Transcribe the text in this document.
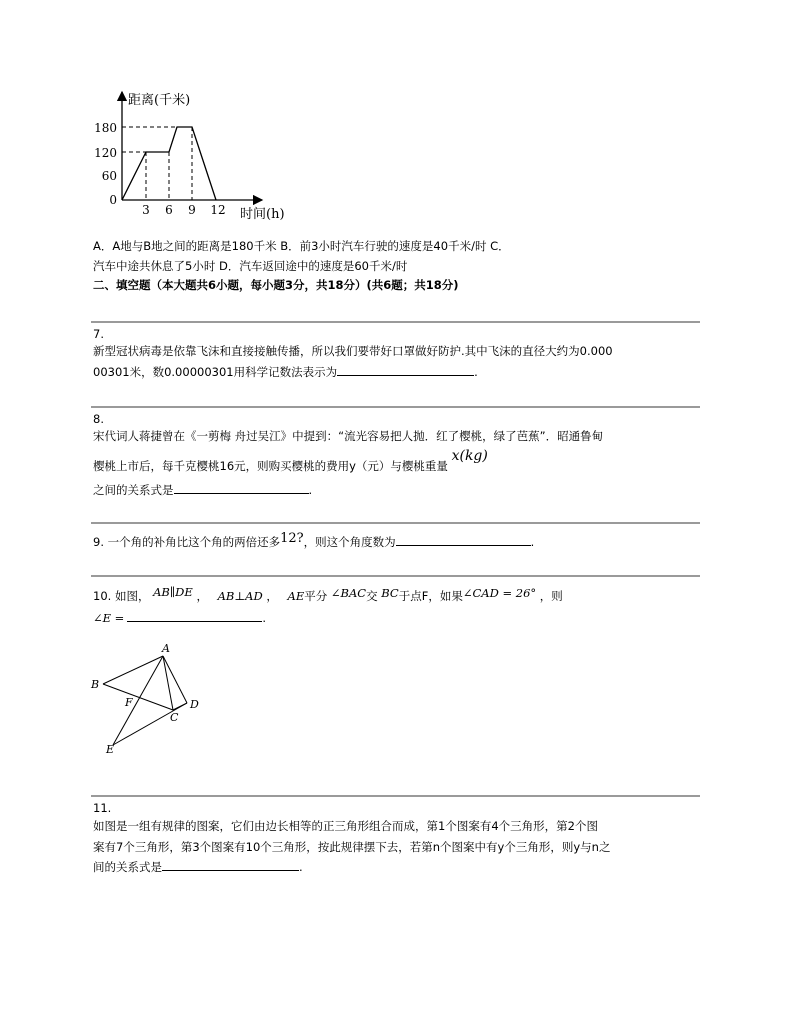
距离(千米)
时间(h)
180
120
60
0
3 6 9 12
A．A地与B地之间的距离是180千米 B．前3小时汽车行驶的速度是40千米/时 C．
汽车中途共休息了5小时 D．汽车返回途中的速度是60千米/时
二、填空题（本大题共6小题，每小题3分，共18分）(共6题；共18分)
7.
新型冠状病毒是依靠飞沫和直接接触传播，所以我们要带好口罩做好防护.其中飞沫的直径大约为0.000
00301米，数0.00000301用科学记数法表示为	.
8.
宋代词人蒋捷曾在《一剪梅 舟过吴江》中提到：“流光容易把人抛．红了樱桃，绿了芭蕉”．昭通鲁甸
樱桃上市后，每千克樱桃16元，则购买樱桃的费用y（元）与樱桃重量 x(kg)
之间的关系式是	.
9. 一个角的补角比这个角的两倍还多12?，则这个角度数为	.
10. 如图， AB∥DE ， AB⊥AD ， AE平分 ∠BAC交 BC于点F，如果∠CAD = 26° ，则
∠E =	.
A
B
F
C
D
E
11.
如图是一组有规律的图案，它们由边长相等的正三角形组合而成，第1个图案有4个三角形，第2个图
案有7个三角形，第3个图案有10个三角形，按此规律摆下去，若第n个图案中有y个三角形，则y与n之
间的关系式是	.
